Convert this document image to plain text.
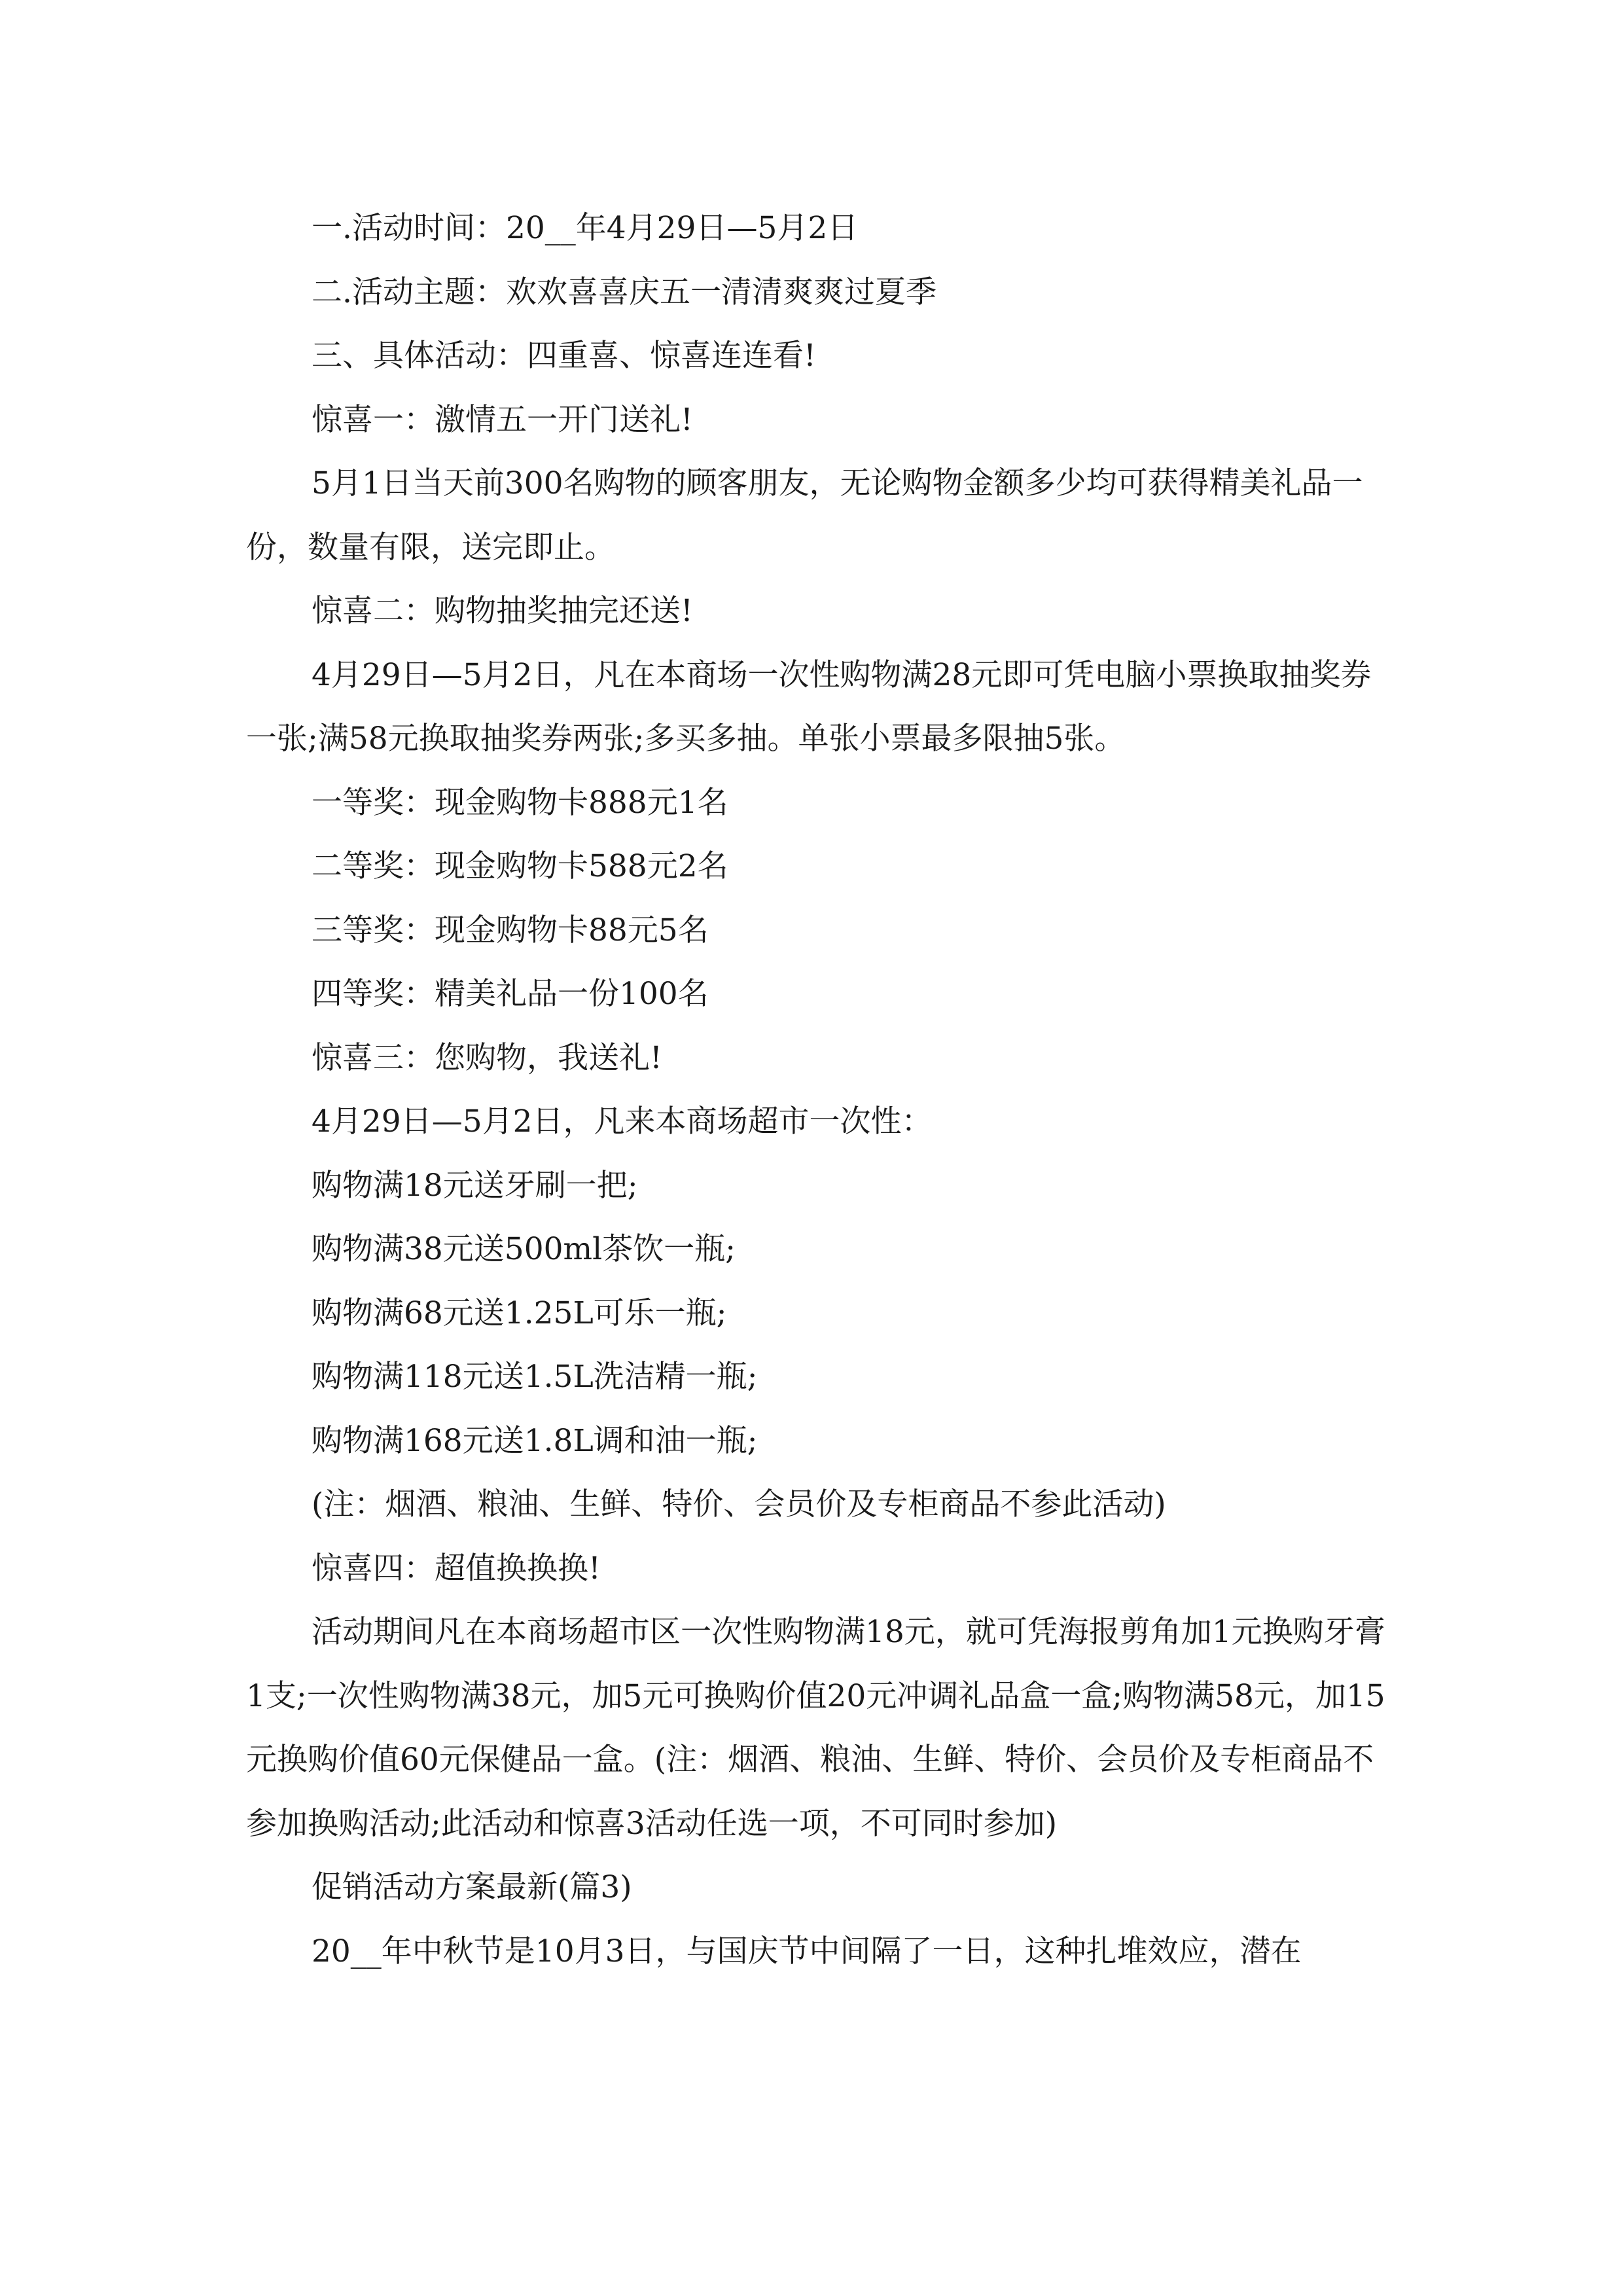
一.活动时间：20__年4月29日—5月2日

二.活动主题：欢欢喜喜庆五一清清爽爽过夏季

三、具体活动：四重喜、惊喜连连看!

惊喜一：激情五一开门送礼!

5月1日当天前300名购物的顾客朋友，无论购物金额多少均可获得精美礼品一份，数量有限，送完即止。

惊喜二：购物抽奖抽完还送!

4月29日—5月2日，凡在本商场一次性购物满28元即可凭电脑小票换取抽奖券一张;满58元换取抽奖券两张;多买多抽。单张小票最多限抽5张。

一等奖：现金购物卡888元1名

二等奖：现金购物卡588元2名

三等奖：现金购物卡88元5名

四等奖：精美礼品一份100名

惊喜三：您购物，我送礼!

4月29日—5月2日，凡来本商场超市一次性：

购物满18元送牙刷一把;

购物满38元送500ml茶饮一瓶;

购物满68元送1.25L可乐一瓶;

购物满118元送1.5L洗洁精一瓶;

购物满168元送1.8L调和油一瓶;

(注：烟酒、粮油、生鲜、特价、会员价及专柜商品不参此活动)

惊喜四：超值换换换!

活动期间凡在本商场超市区一次性购物满18元，就可凭海报剪角加1元换购牙膏1支;一次性购物满38元，加5元可换购价值20元冲调礼品盒一盒;购物满58元，加15元换购价值60元保健品一盒。(注：烟酒、粮油、生鲜、特价、会员价及专柜商品不参加换购活动;此活动和惊喜3活动任选一项，不可同时参加)

促销活动方案最新(篇3)

20__年中秋节是10月3日，与国庆节中间隔了一日，这种扎堆效应，潜在
